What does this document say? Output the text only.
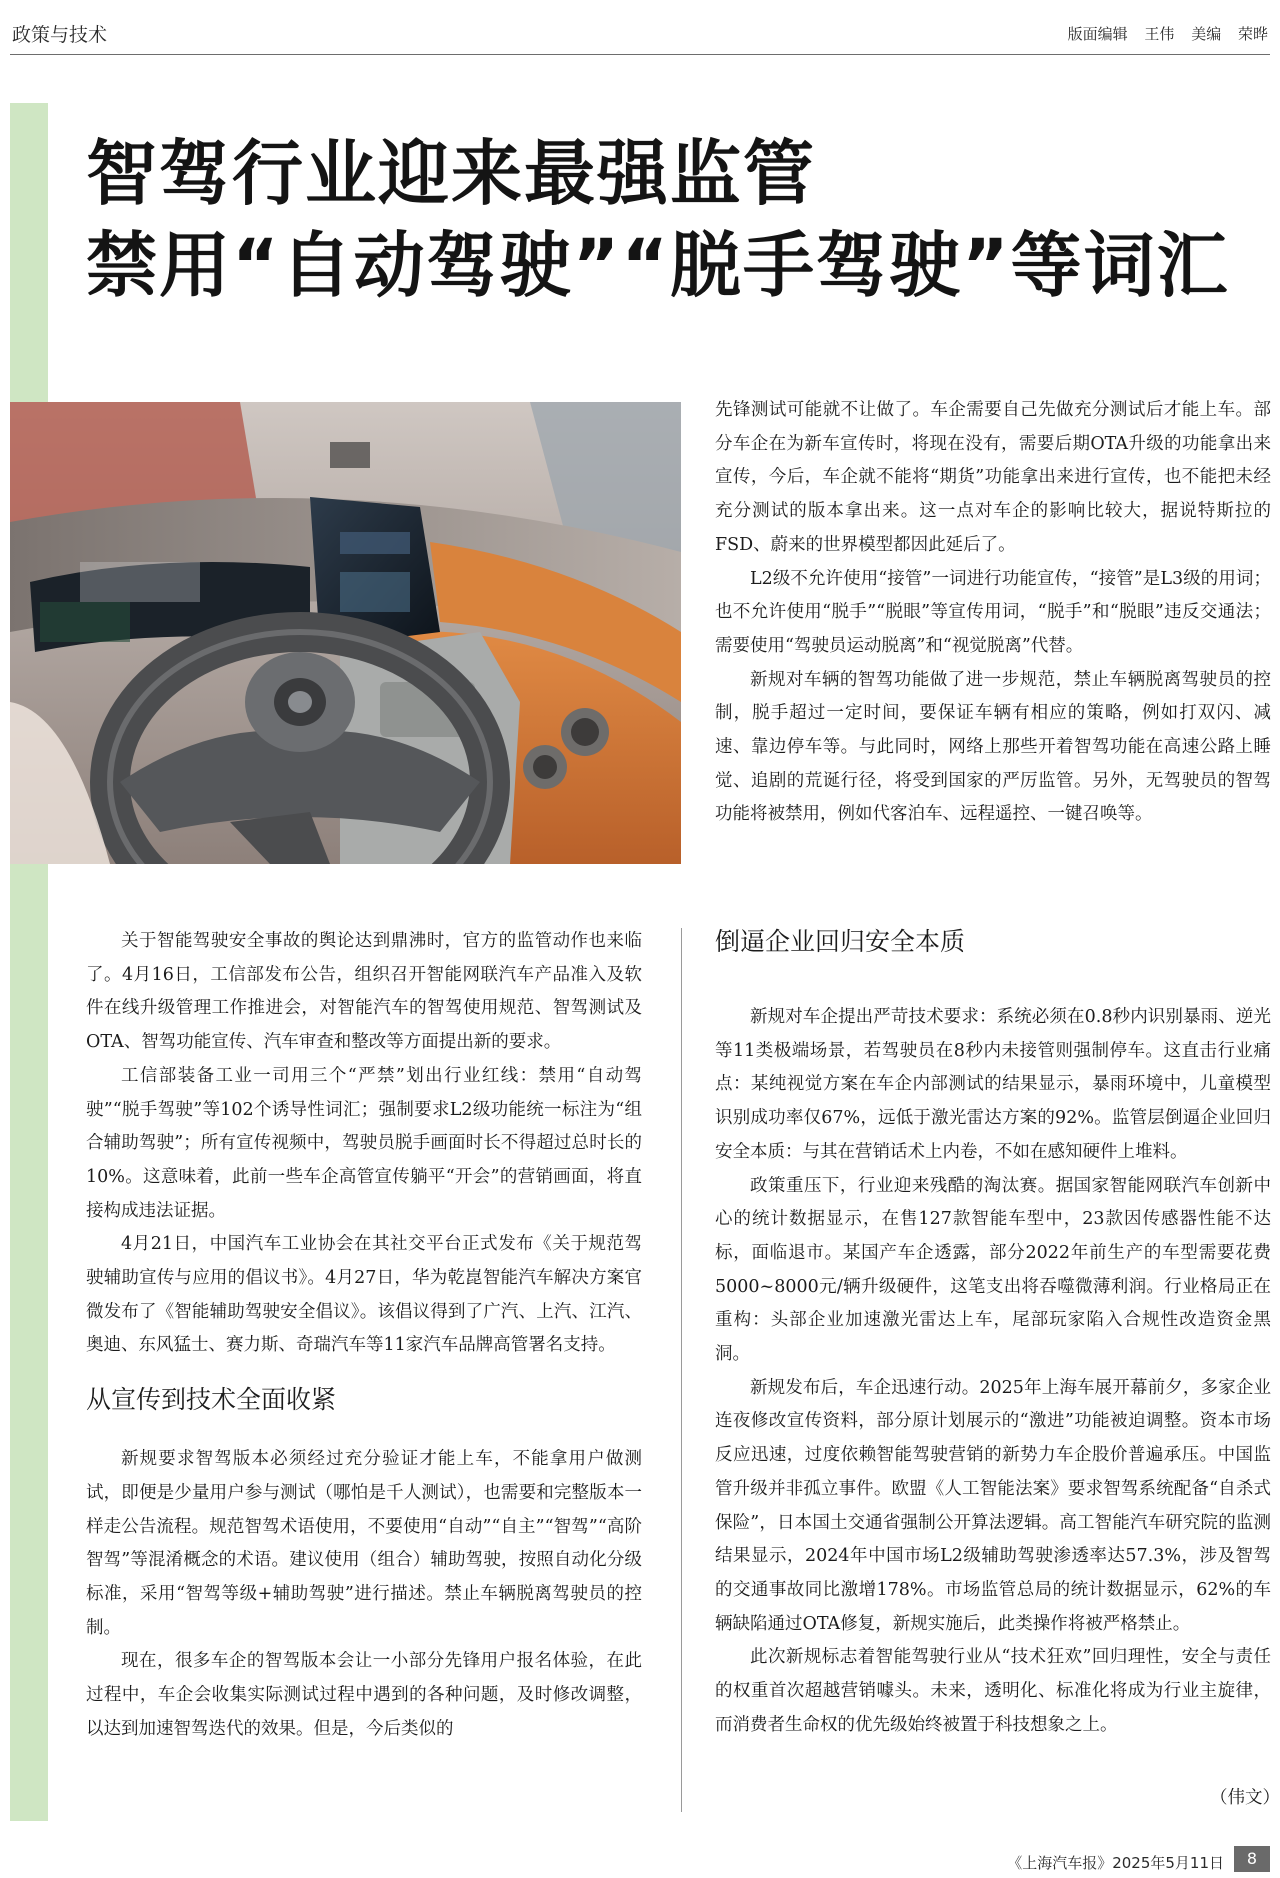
政策与技术	版面编辑 王伟 美编 荣晔
智驾行业迎来最强监管
禁用“自动驾驶”“脱手驾驶”等词汇

先锋测试可能就不让做了。车企需要自己先做充分测试后才能上车。部分车企在为新车宣传时，将现在没有，需要后期OTA升级的功能拿出来宣传，今后，车企就不能将“期货”功能拿出来进行宣传，也不能把未经充分测试的版本拿出来。这一点对车企的影响比较大，据说特斯拉的FSD、蔚来的世界模型都因此延后了。

L2级不允许使用“接管”一词进行功能宣传，“接管”是L3级的用词；也不允许使用“脱手”“脱眼”等宣传用词，“脱手”和“脱眼”违反交通法；需要使用“驾驶员运动脱离”和“视觉脱离”代替。

新规对车辆的智驾功能做了进一步规范，禁止车辆脱离驾驶员的控制，脱手超过一定时间，要保证车辆有相应的策略，例如打双闪、减速、靠边停车等。与此同时，网络上那些开着智驾功能在高速公路上睡觉、追剧的荒诞行径，将受到国家的严厉监管。另外，无驾驶员的智驾功能将被禁用，例如代客泊车、远程遥控、一键召唤等。

关于智能驾驶安全事故的舆论达到鼎沸时，官方的监管动作也来临了。4月16日，工信部发布公告，组织召开智能网联汽车产品准入及软件在线升级管理工作推进会，对智能汽车的智驾使用规范、智驾测试及OTA、智驾功能宣传、汽车审查和整改等方面提出新的要求。

工信部装备工业一司用三个“严禁”划出行业红线：禁用“自动驾驶”“脱手驾驶”等102个诱导性词汇；强制要求L2级功能统一标注为“组合辅助驾驶”；所有宣传视频中，驾驶员脱手画面时长不得超过总时长的10%。这意味着，此前一些车企高管宣传躺平“开会”的营销画面，将直接构成违法证据。

4月21日，中国汽车工业协会在其社交平台正式发布《关于规范驾驶辅助宣传与应用的倡议书》。4月27日，华为乾崑智能汽车解决方案官微发布了《智能辅助驾驶安全倡议》。该倡议得到了广汽、上汽、江汽、奥迪、东风猛士、赛力斯、奇瑞汽车等11家汽车品牌高管署名支持。

从宣传到技术全面收紧

新规要求智驾版本必须经过充分验证才能上车，不能拿用户做测试，即便是少量用户参与测试（哪怕是千人测试），也需要和完整版本一样走公告流程。规范智驾术语使用，不要使用“自动”“自主”“智驾”“高阶智驾”等混淆概念的术语。建议使用（组合）辅助驾驶，按照自动化分级标准，采用“智驾等级+辅助驾驶”进行描述。禁止车辆脱离驾驶员的控制。

现在，很多车企的智驾版本会让一小部分先锋用户报名体验，在此过程中，车企会收集实际测试过程中遇到的各种问题，及时修改调整，以达到加速智驾迭代的效果。但是，今后类似的

倒逼企业回归安全本质

新规对车企提出严苛技术要求：系统必须在0.8秒内识别暴雨、逆光等11类极端场景，若驾驶员在8秒内未接管则强制停车。这直击行业痛点：某纯视觉方案在车企内部测试的结果显示，暴雨环境中，儿童模型识别成功率仅67%，远低于激光雷达方案的92%。监管层倒逼企业回归安全本质：与其在营销话术上内卷，不如在感知硬件上堆料。

政策重压下，行业迎来残酷的淘汰赛。据国家智能网联汽车创新中心的统计数据显示，在售127款智能车型中，23款因传感器性能不达标，面临退市。某国产车企透露，部分2022年前生产的车型需要花费5000~8000元/辆升级硬件，这笔支出将吞噬微薄利润。行业格局正在重构：头部企业加速激光雷达上车，尾部玩家陷入合规性改造资金黑洞。

新规发布后，车企迅速行动。2025年上海车展开幕前夕，多家企业连夜修改宣传资料，部分原计划展示的“激进”功能被迫调整。资本市场反应迅速，过度依赖智能驾驶营销的新势力车企股价普遍承压。中国监管升级并非孤立事件。欧盟《人工智能法案》要求智驾系统配备“自杀式保险”，日本国土交通省强制公开算法逻辑。高工智能汽车研究院的监测结果显示，2024年中国市场L2级辅助驾驶渗透率达57.3%，涉及智驾的交通事故同比激增178%。市场监管总局的统计数据显示，62%的车辆缺陷通过OTA修复，新规实施后，此类操作将被严格禁止。

此次新规标志着智能驾驶行业从“技术狂欢”回归理性，安全与责任的权重首次超越营销噱头。未来，透明化、标准化将成为行业主旋律，而消费者生命权的优先级始终被置于科技想象之上。

（伟文）
《上海汽车报》2025年5月11日	8
